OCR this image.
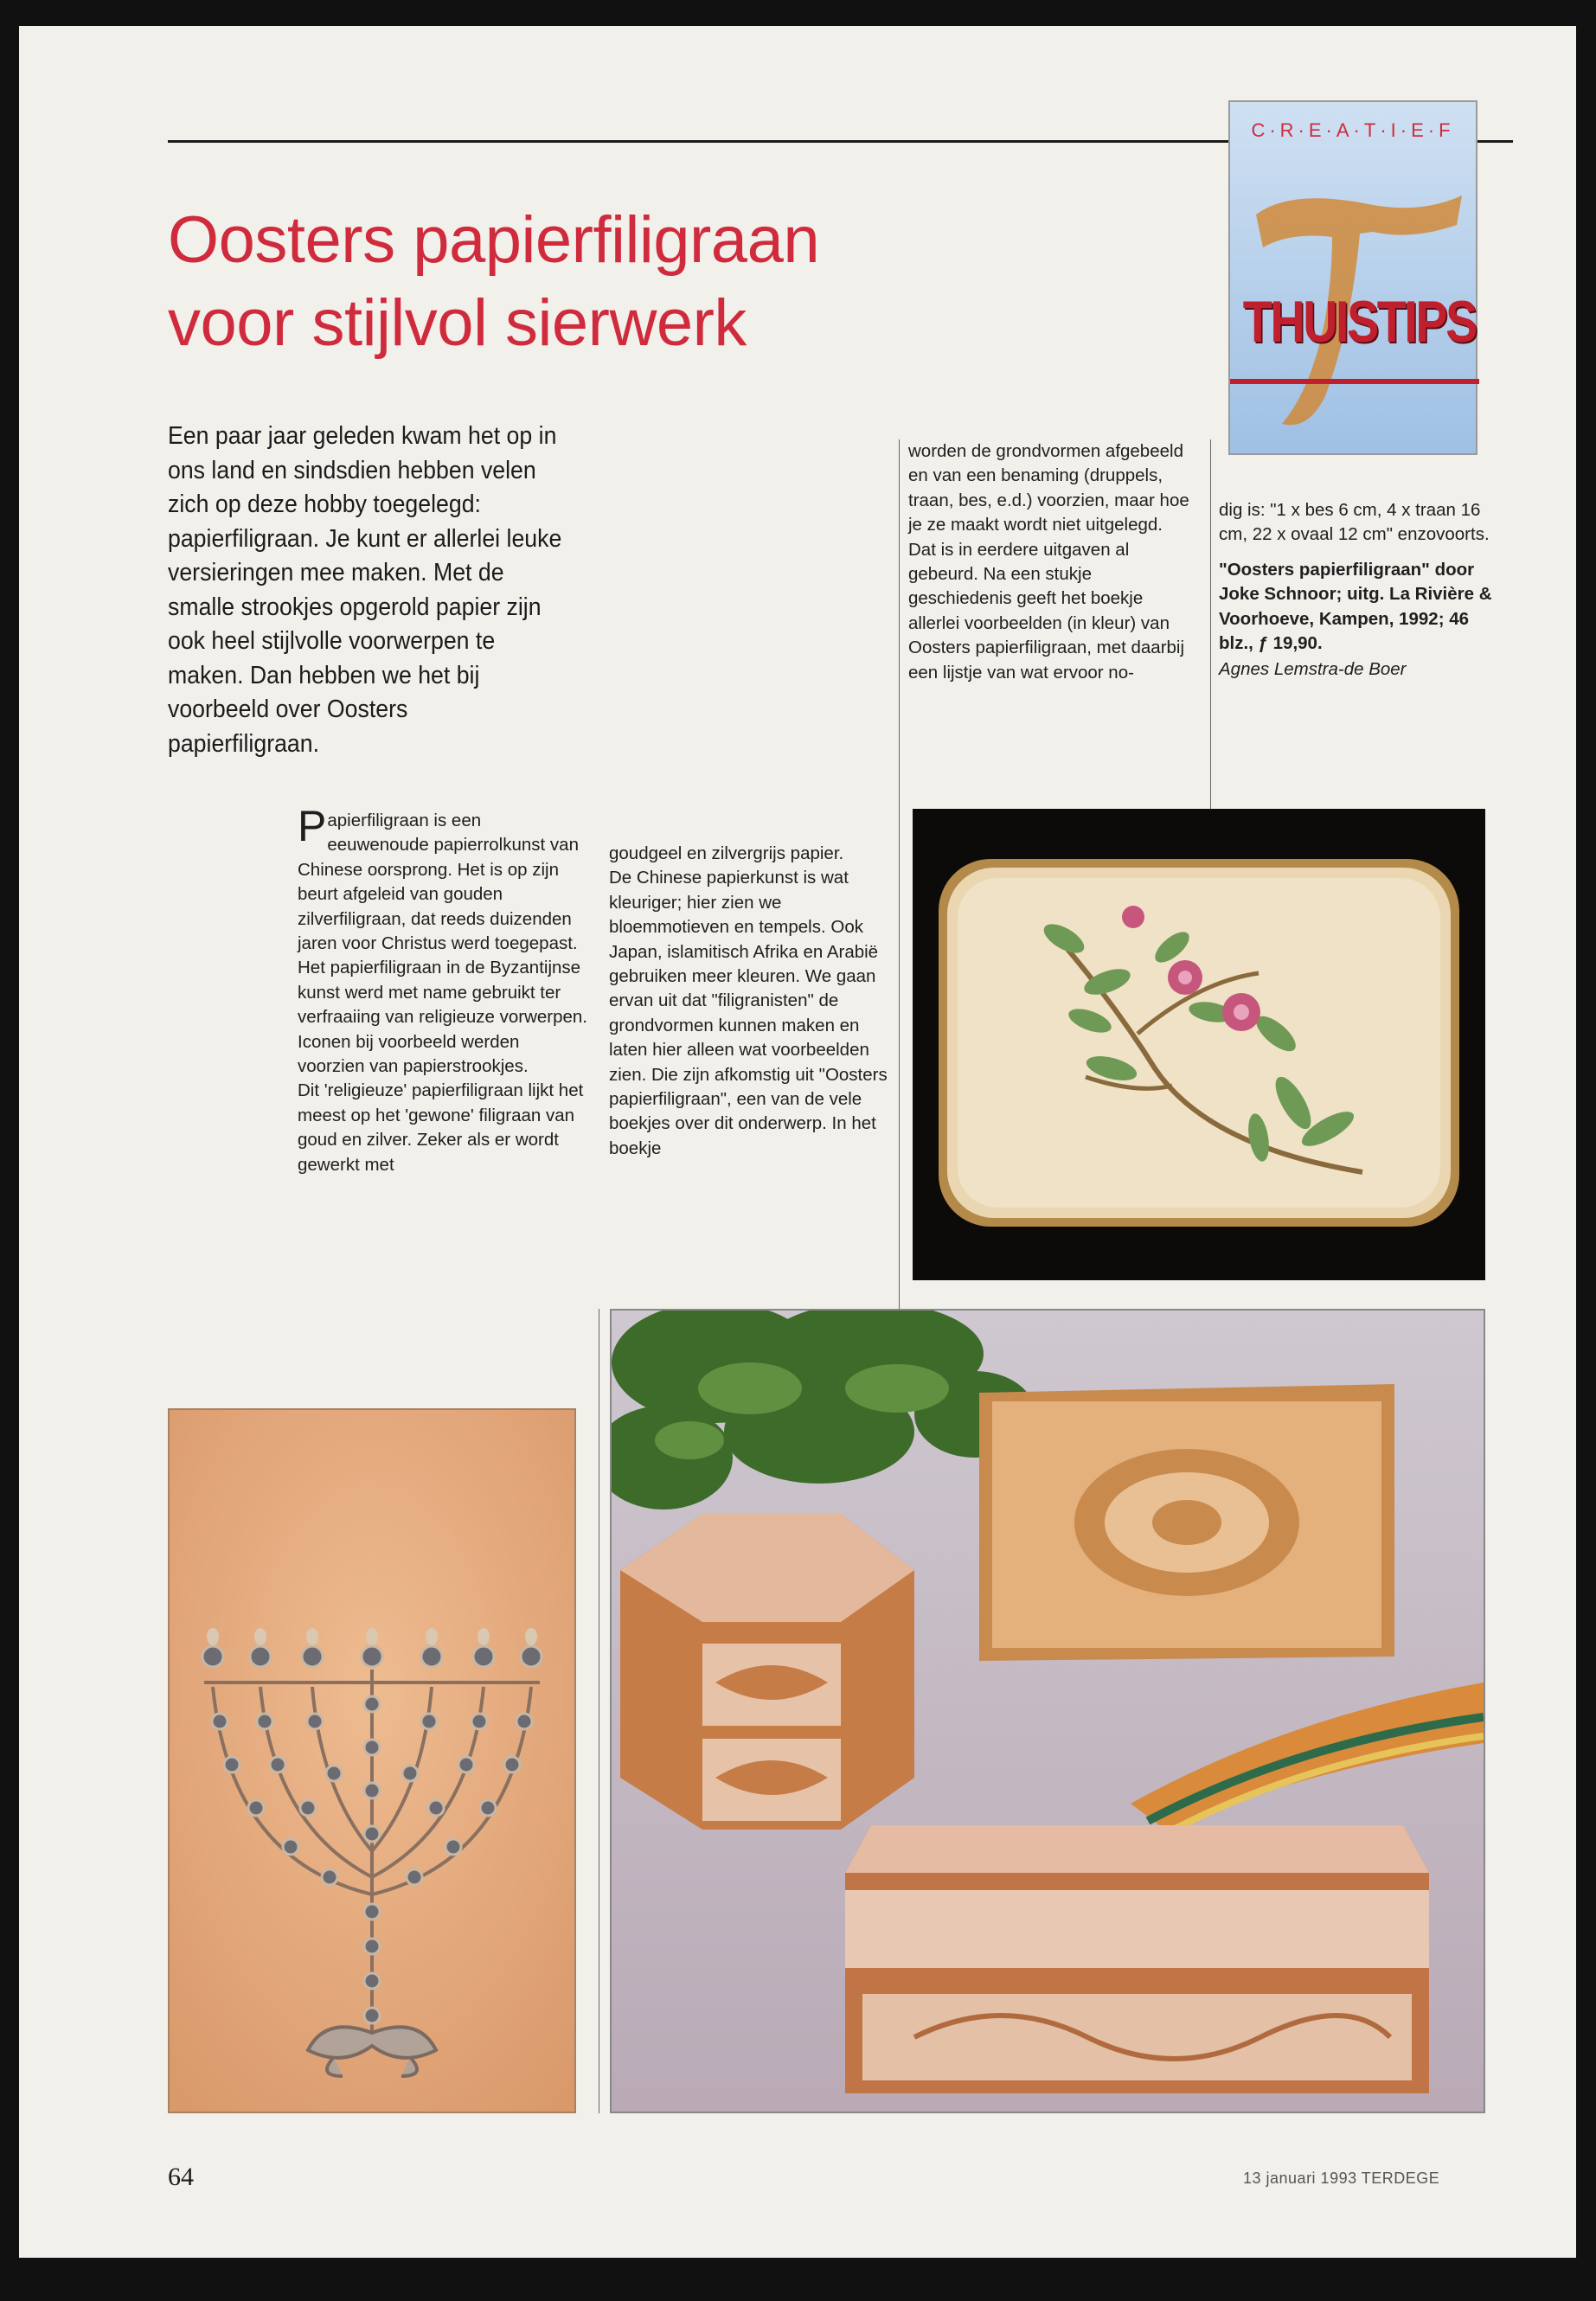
Oosters papierfiligraan
voor stijlvol sierwerk
C·R·E·A·T·I·E·F
THUISTIPS

Een paar jaar geleden kwam het op in ons land en sindsdien hebben velen zich op deze hobby toegelegd: papierfiligraan. Je kunt er allerlei leuke versieringen mee maken. Met de smalle strookjes opgerold papier zijn ook heel stijlvolle voorwerpen te maken. Dan hebben we het bij voorbeeld over Oosters papierfiligraan.

worden de grondvormen afgebeeld en van een benaming (druppels, traan, bes, e.d.) voorzien, maar hoe je ze maakt wordt niet uitgelegd. Dat is in eerdere uitgaven al gebeurd. Na een stukje geschiedenis geeft het boekje allerlei voorbeelden (in kleur) van Oosters papierfiligraan, met daarbij een lijstje van wat ervoor no-

dig is: "1 x bes 6 cm, 4 x traan 16 cm, 22 x ovaal 12 cm" enzovoorts.

"Oosters papierfiligraan" door Joke Schnoor; uitg. La Rivière & Voorhoeve, Kampen, 1992; 46 blz., ƒ 19,90.

Agnes Lemstra-de Boer

Papierfiligraan is een eeuwenoude papierrolkunst van Chinese oorsprong. Het is op zijn beurt afgeleid van gouden zilverfiligraan, dat reeds duizenden jaren voor Christus werd toegepast. Het papierfiligraan in de Byzantijnse kunst werd met name gebruikt ter verfraaiing van religieuze vorwerpen. Iconen bij voorbeeld werden voorzien van papierstrookjes.

Dit 'religieuze' papierfiligraan lijkt het meest op het 'gewone' filigraan van goud en zilver. Zeker als er wordt gewerkt met

goudgeel en zilvergrijs papier.

De Chinese papierkunst is wat kleuriger; hier zien we bloemmotieven en tempels. Ook Japan, islamitisch Afrika en Arabië gebruiken meer kleuren. We gaan ervan uit dat "filigranisten" de grondvormen kunnen maken en laten hier alleen wat voorbeelden zien. Die zijn afkomstig uit "Oosters papierfiligraan", een van de vele boekjes over dit onderwerp. In het boekje

64	13 januari 1993 TERDEGE
